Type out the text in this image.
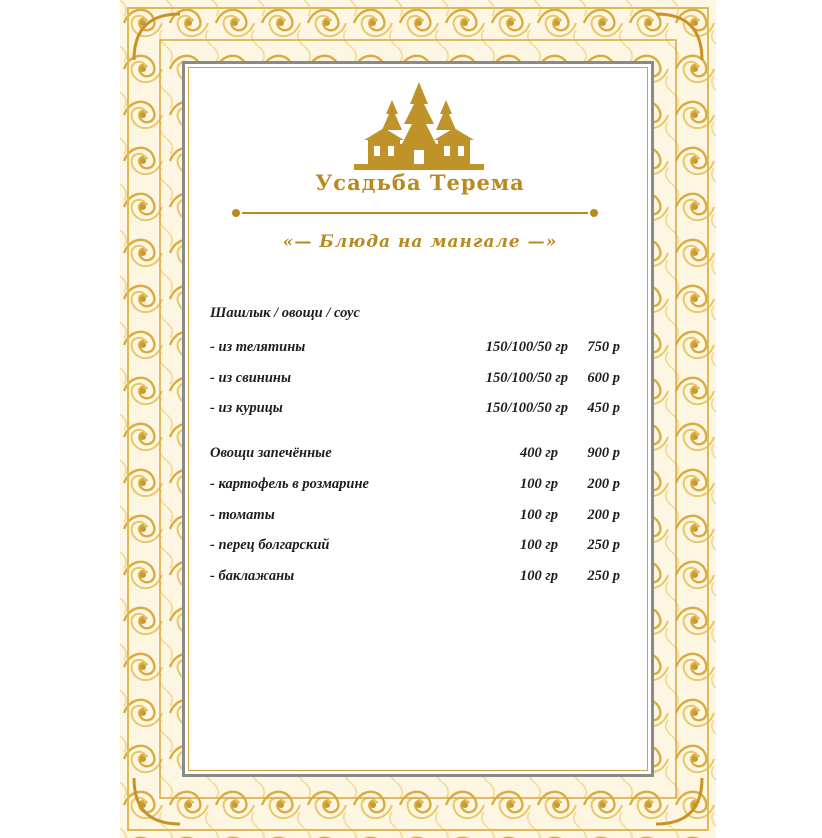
Усадьба Терема
«— Блюда на мангале —»
Шашлык / овощи / соус
- из телятины	150/100/50 гр 750 р
- из свинины	150/100/50 гр 600 р
- из курицы	150/100/50 гр 450 р
Овощи запечённые	400 гр 900 р
- картофель в розмарине	100 гр 200 р
- томаты	100 гр 200 р
- перец болгарский	100 гр 250 р
- баклажаны	100 гр 250 р
